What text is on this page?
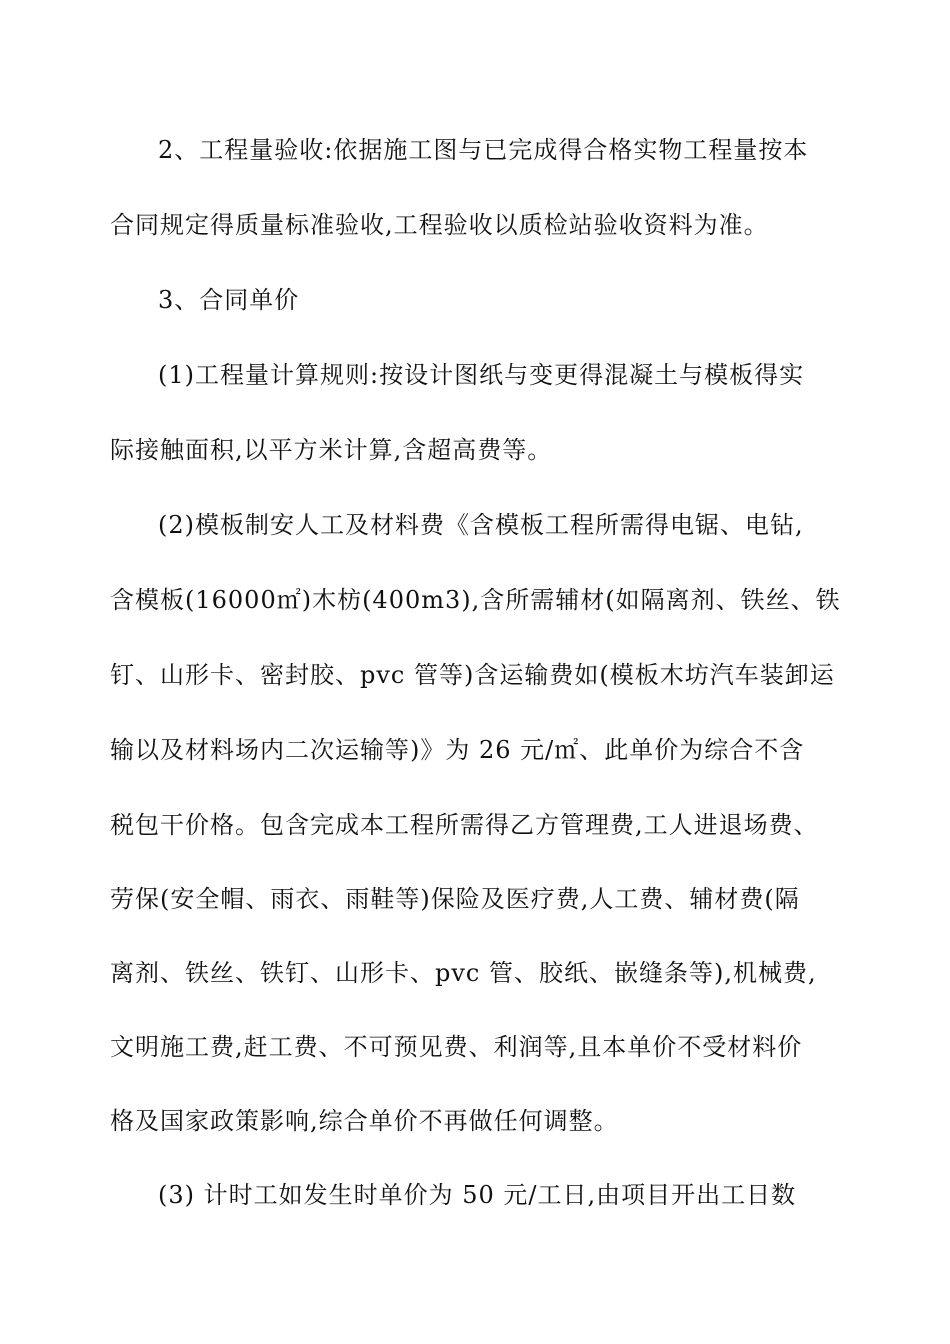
2、工程量验收:依据施工图与已完成得合格实物工程量按本
合同规定得质量标准验收,工程验收以质检站验收资料为准。
3、合同单价
(1)工程量计算规则:按设计图纸与变更得混凝土与模板得实
际接触面积,以平方米计算,含超高费等。
(2)模板制安人工及材料费《含模板工程所需得电锯、电钻,
含模板(16000㎡)木枋(400m3),含所需辅材(如隔离剂、铁丝、铁
钉、山形卡、密封胶、pvc 管等)含运输费如(模板木坊汽车装卸运
输以及材料场内二次运输等)》为 26 元/㎡、此单价为综合不含
税包干价格。包含完成本工程所需得乙方管理费,工人进退场费、
劳保(安全帽、雨衣、雨鞋等)保险及医疗费,人工费、辅材费(隔
离剂、铁丝、铁钉、山形卡、pvc 管、胶纸、嵌缝条等),机械费,
文明施工费,赶工费、不可预见费、利润等,且本单价不受材料价
格及国家政策影响,综合单价不再做任何调整。
(3) 计时工如发生时单价为 50 元/工日,由项目开出工日数
